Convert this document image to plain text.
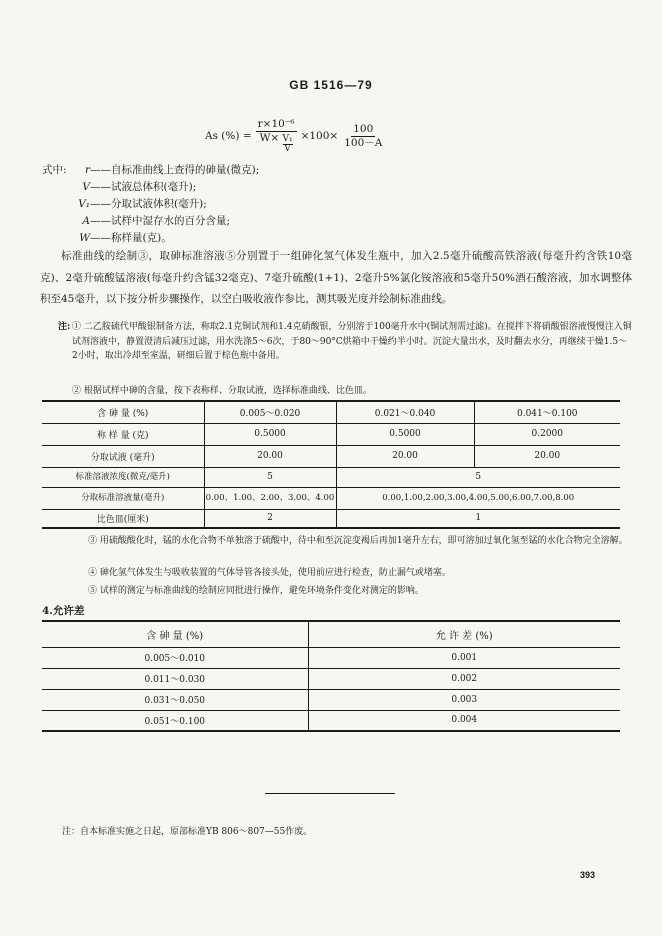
GB 1516—79
As (%) = $\frac{\text{r×10⁻⁶}}{W\times \frac{\text{V₁}}{V}} \times 100\times \frac{100}{100-A}$
式中:	r——自标准曲线上查得的砷量(微克);
V——试液总体积(毫升);
V₁——分取试液体积(毫升);
A——试样中湿存水的百分含量;
W——称样量(克)。
标准曲线的绘制③，取砷标准溶液⑤分别置于一组砷化氢气体发生瓶中，加入2.5毫升硫酸高铁溶液(每毫升约含铁10毫克)、2毫升硫酸锰溶液(每毫升约含锰32毫克)、7毫升硫酸(1+1)、2毫升5%氯化铵溶液和5毫升50%酒石酸溶液，加水调整体积至45毫升，以下按分析步骤操作，以空白吸收液作参比，测其吸光度并绘制标准曲线。
注: ① 二乙胺硫代甲酸银制备方法，称取2.1克铜试剂和1.4克硝酸银，分别溶于100毫升水中(铜试剂需过滤)。在搅拌下将硝酸银溶液慢慢注入铜试剂溶液中，静置澄清后减压过滤，用水洗涤5～6次，于80～90°C烘箱中干燥约半小时。沉淀大量出水，及时翻去水分，再继续干燥1.5～2小时，取出冷却至室温，研细后置于棕色瓶中备用。
② 根据试样中砷的含量，按下表称样、分取试液，选择标准曲线、比色皿。
含 砷 量 (%)	0.005～0.020	0.021～0.040	0.041～0.100
称 样 量 (克)	0.5000	0.5000	0.2000
分取试液 (毫升)	20.00	20.00	20.00
标准溶液浓度(微克/毫升)	5	5	
分取标准溶液量(毫升)	0.00、1.00、2.00、3.00、4.00	0.00,1.00,2.00,3.00,4.00,5.00,6.00,7.00,8.00	
比色皿(厘米)	2	1	
③ 用硫酸酸化时，锰的水化合物不单独溶于硫酸中，待中和至沉淀变褐后再加1毫升左右，即可溶加过氧化氢至锰的水化合物完全溶解。
④ 砷化氢气体发生与吸收装置的气体导管各接头处，使用前应进行检查，防止漏气或堵塞。
⑤ 试样的测定与标准曲线的绘制应同批进行操作，避免环境条件变化对测定的影响。
4.允许差
含 砷 量 (%)	允 许 差 (%)
0.005～0.010	0.001
0.011～0.030	0.002
0.031～0.050	0.003
0.051～0.100	0.004
注：自本标准实施之日起，原部标准YB 806～807—55作废。
393
